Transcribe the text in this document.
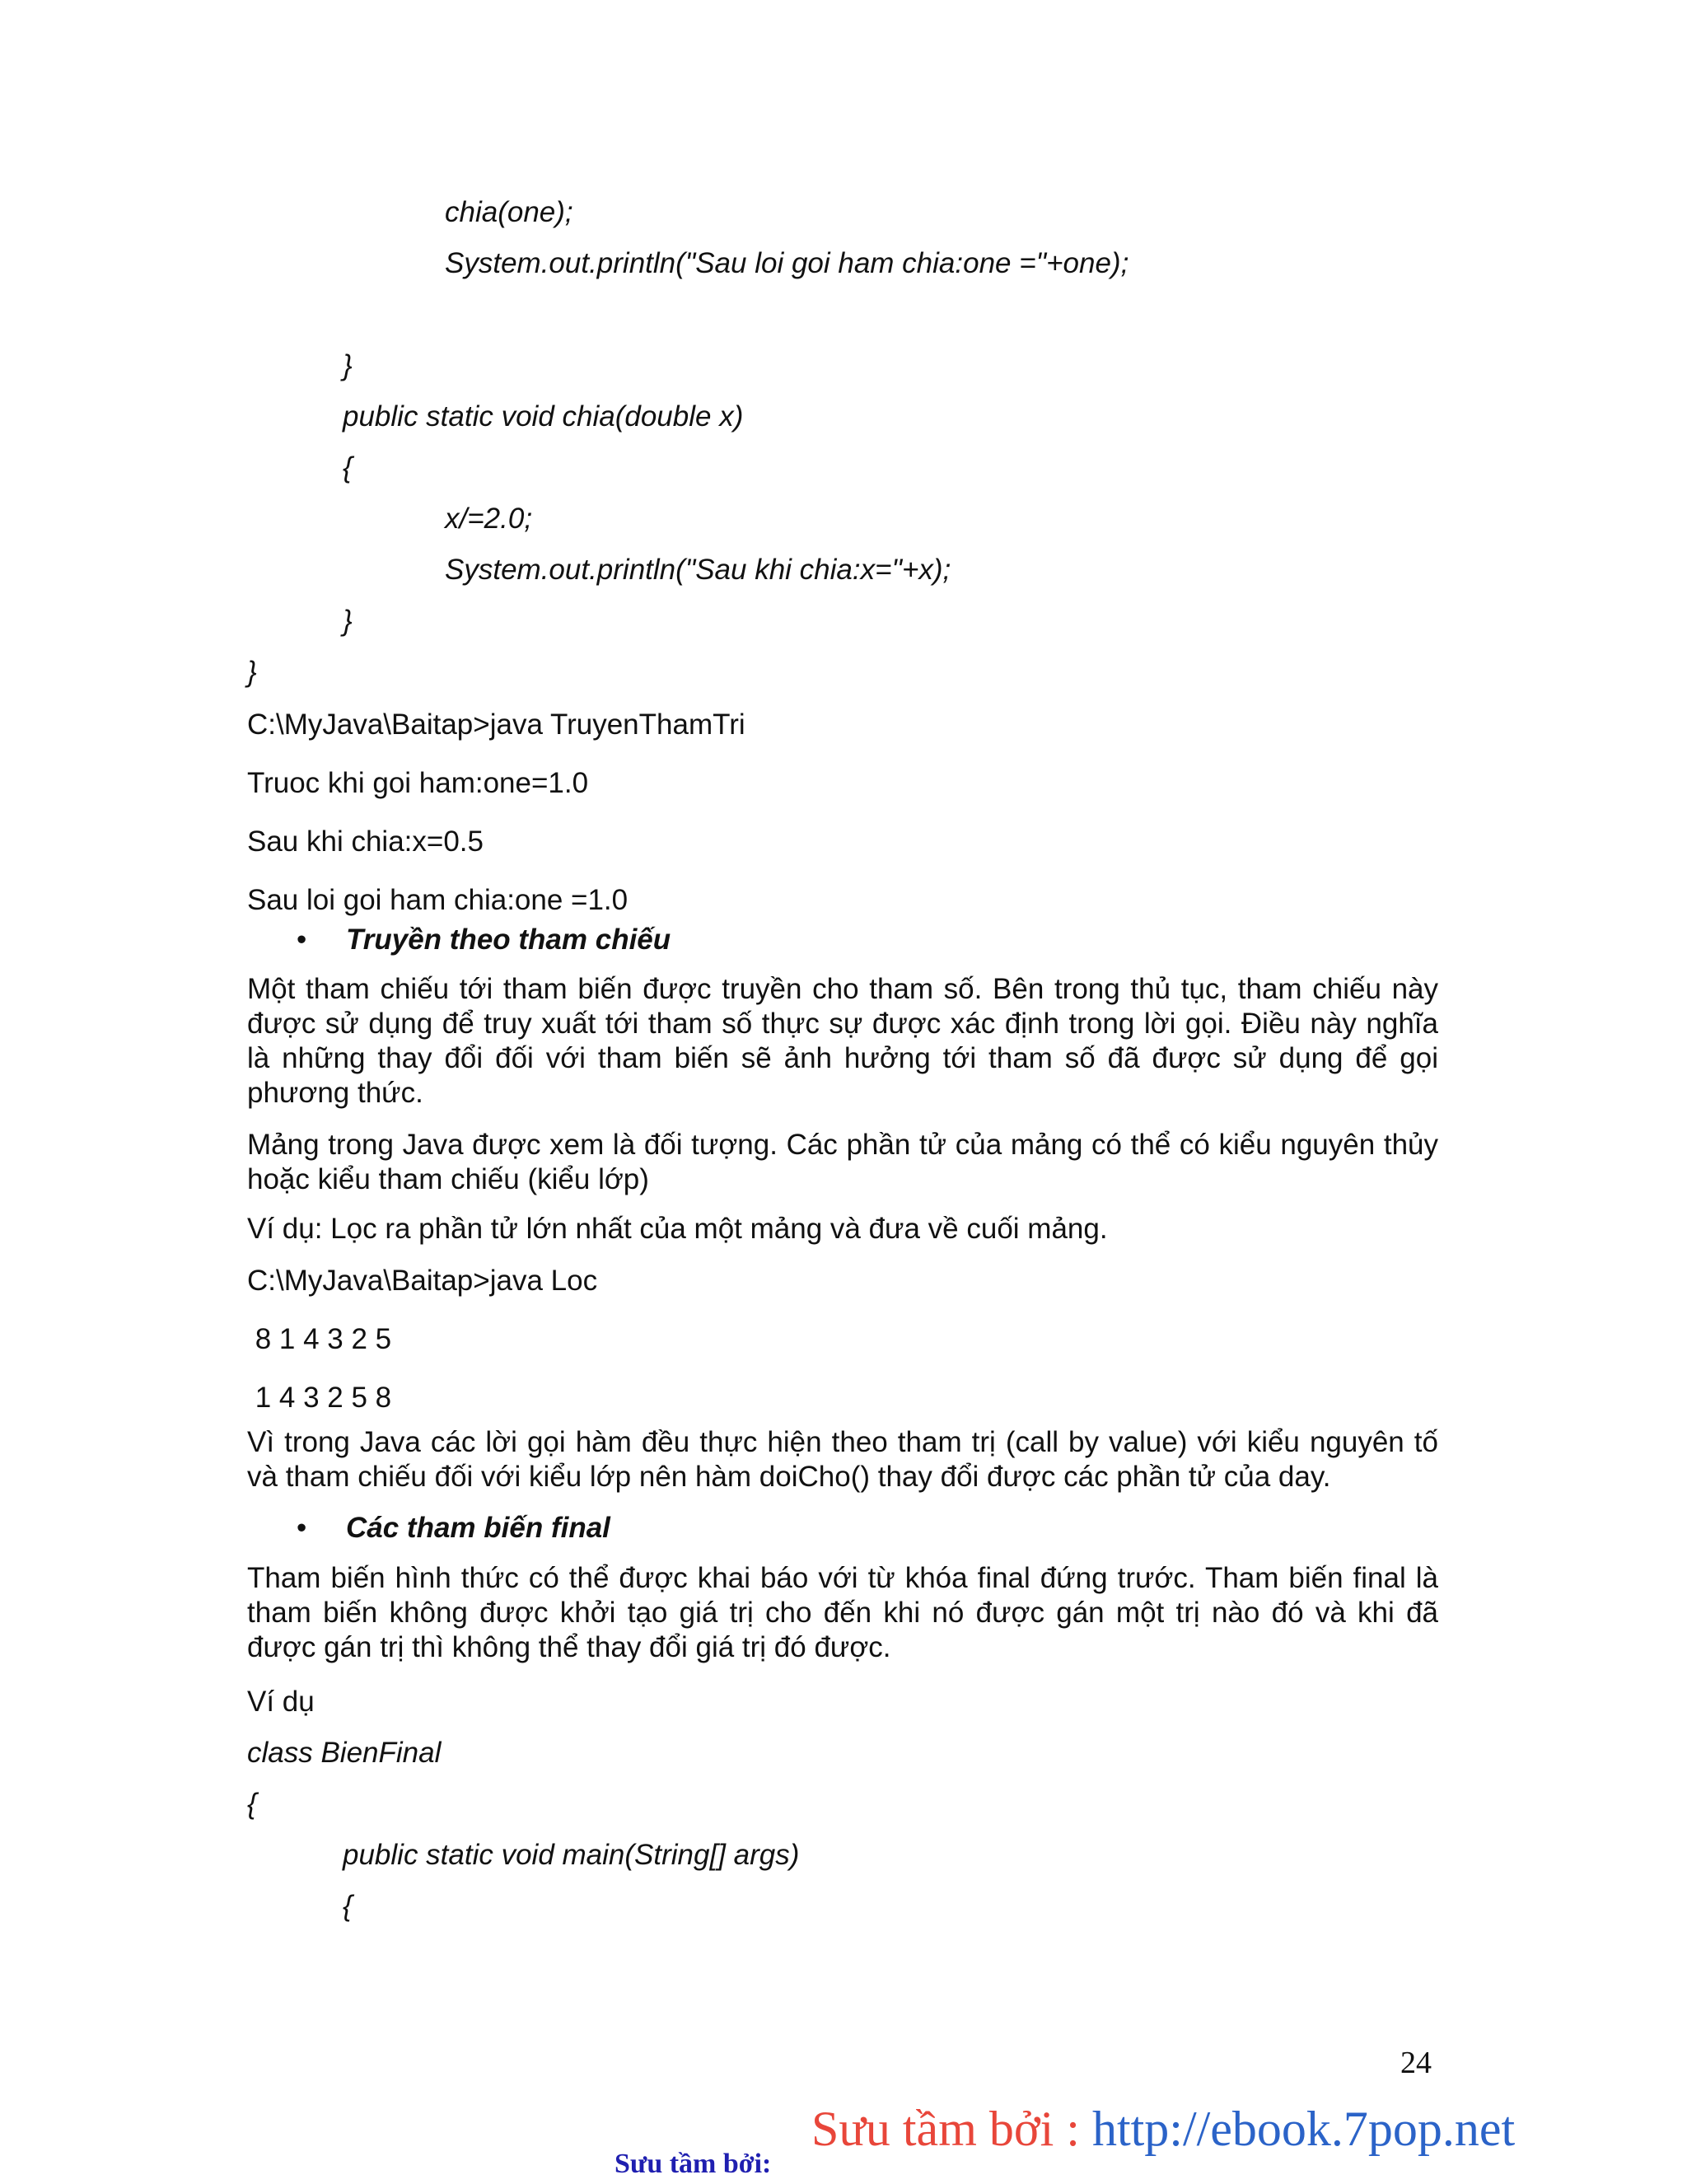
chia(one);
System.out.println("Sau loi goi ham chia:one ="+one);
}
public static void chia(double x)
{
x/=2.0;
System.out.println("Sau khi chia:x="+x);
}
}
C:\MyJava\Baitap>java TruyenThamTri
Truoc khi goi ham:one=1.0
Sau khi chia:x=0.5
Sau loi goi ham chia:one =1.0
• Truyền theo tham chiếu
Một tham chiếu tới tham biến được truyền cho tham số. Bên trong thủ tục, tham chiếu này được sử dụng để truy xuất tới tham số thực sự được xác định trong lời gọi. Điều này nghĩa là những thay đổi đối với tham biến sẽ ảnh hưởng tới tham số đã được sử dụng để gọi phương thức.
Mảng trong Java được xem là đối tượng. Các phần tử của mảng có thể có kiểu nguyên thủy hoặc kiểu tham chiếu (kiểu lớp)
Ví dụ: Lọc ra phần tử lớn nhất của một mảng và đưa về cuối mảng.
C:\MyJava\Baitap>java Loc
8 1 4 3 2 5
1 4 3 2 5 8
Vì trong Java các lời gọi hàm đều thực hiện theo tham trị (call by value) với kiểu nguyên tố và tham chiếu đối với kiểu lớp nên hàm doiCho() thay đổi được các phần tử của day.
• Các tham biến final
Tham biến hình thức có thể được khai báo với từ khóa final đứng trước. Tham biến final là tham biến không được khởi tạo giá trị cho đến khi nó được gán một trị nào đó và khi đã được gán trị thì không thể thay đổi giá trị đó được.
Ví dụ
class BienFinal
{
public static void main(String[] args)
{
24
Sưu tầm bởi:
Sưu tầm bởi : http://ebook.7pop.net
